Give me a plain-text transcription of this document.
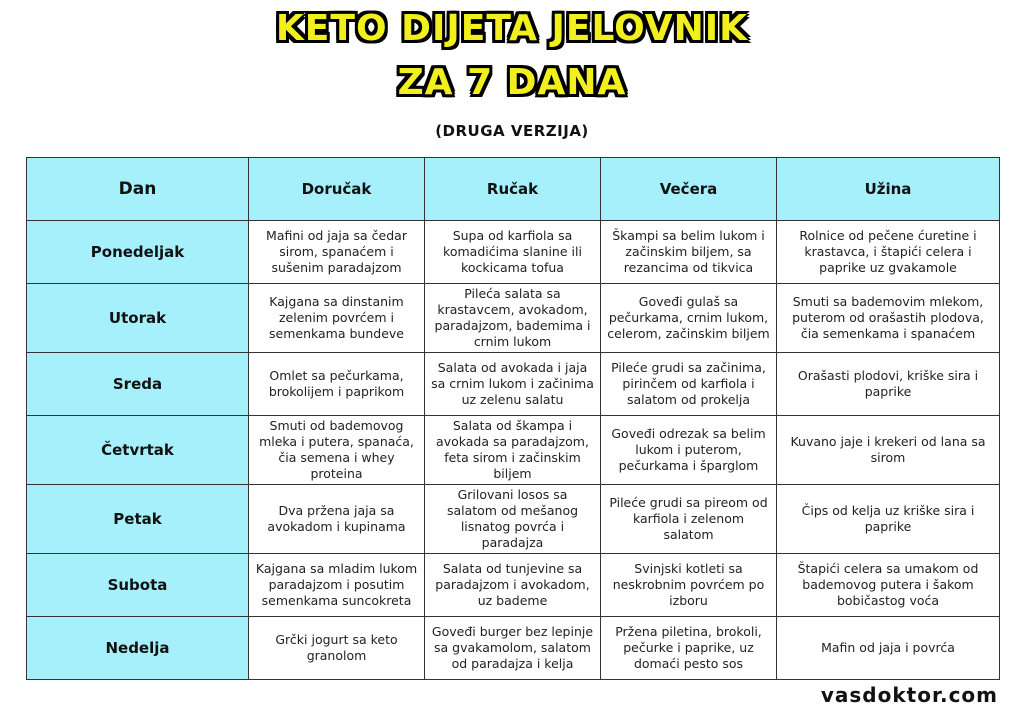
KETO DIJETA JELOVNIK
ZA 7 DANA
(DRUGA VERZIJA)
Dan	Doručak	Ručak	Večera	Užina
Ponedeljak	Mafini od jaja sa čedar sirom, spanaćem i sušenim paradajzom	Supa od karfiola sa komadićima slanine ili kockicama tofua	Škampi sa belim lukom i začinskim biljem, sa rezancima od tikvica	Rolnice od pečene ćuretine i krastavca, i štapići celera i paprike uz gvakamole
Utorak	Kajgana sa dinstanim zelenim povrćem i semenkama bundeve	Pileća salata sa krastavcem, avokadom, paradajzom, bademima i crnim lukom	Goveđi gulaš sa pečurkama, crnim lukom, celerom, začinskim biljem	Smuti sa bademovim mlekom, puterom od orašastih plodova, čia semenkama i spanaćem
Sreda	Omlet sa pečurkama, brokolijem i paprikom	Salata od avokada i jaja sa crnim lukom i začinima uz zelenu salatu	Pileće grudi sa začinima, pirinčem od karfiola i salatom od prokelja	Orašasti plodovi, kriške sira i paprike
Četvrtak	Smuti od bademovog mleka i putera, spanaća, čia semena i whey proteina	Salata od škampa i avokada sa paradajzom, feta sirom i začinskim biljem	Goveđi odrezak sa belim lukom i puterom, pečurkama i šparglom	Kuvano jaje i krekeri od lana sa sirom
Petak	Dva pržena jaja sa avokadom i kupinama	Grilovani losos sa salatom od mešanog lisnatog povrća i paradajza	Pileće grudi sa pireom od karfiola i zelenom salatom	Čips od kelja uz kriške sira i paprike
Subota	Kajgana sa mladim lukom paradajzom i posutim semenkama suncokreta	Salata od tunjevine sa paradajzom i avokadom, uz bademe	Svinjski kotleti sa neskrobnim povrćem po izboru	Štapići celera sa umakom od bademovog putera i šakom bobičastog voća
Nedelja	Grčki jogurt sa keto granolom	Goveđi burger bez lepinje sa gvakamolom, salatom od paradajza i kelja	Pržena piletina, brokoli, pečurke i paprike, uz domaći pesto sos	Mafin od jaja i povrća
vasdoktor.com
